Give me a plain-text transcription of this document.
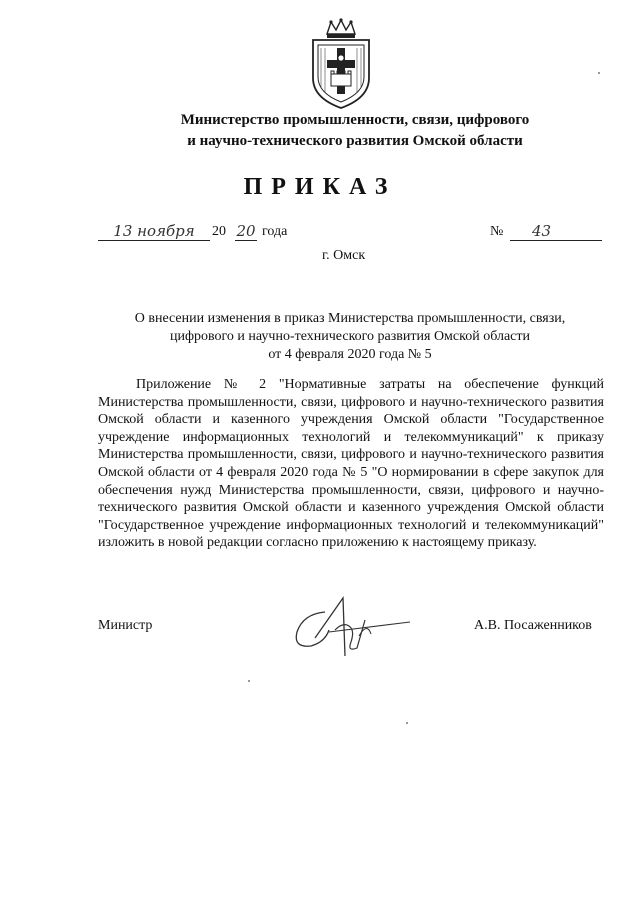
Министерство промышленности, связи, цифрового
и научно-технического развития Омской области
ПРИКАЗ
13 ноября	20 20 года	№	43
г. Омск
О внесении изменения в приказ Министерства промышленности, связи,
цифрового и научно-технического развития Омской области
от 4 февраля 2020 года № 5

Приложение № 2 "Нормативные затраты на обеспечение функций Министерства промышленности, связи, цифрового и научно-технического развития Омской области и казенного учреждения Омской области "Государственное учреждение информационных технологий и телекоммуникаций" к приказу Министерства промышленности, связи, цифрового и научно-технического развития Омской области от 4 февраля 2020 года № 5 "О нормировании в сфере закупок для обеспечения нужд Министерства промышленности, связи, цифрового и научно-технического развития Омской области и казенного учреждения Омской области "Государственное учреждение информационных технологий и телекоммуникаций" изложить в новой редакции согласно приложению к настоящему приказу.

Министр	А.В. Посаженников
